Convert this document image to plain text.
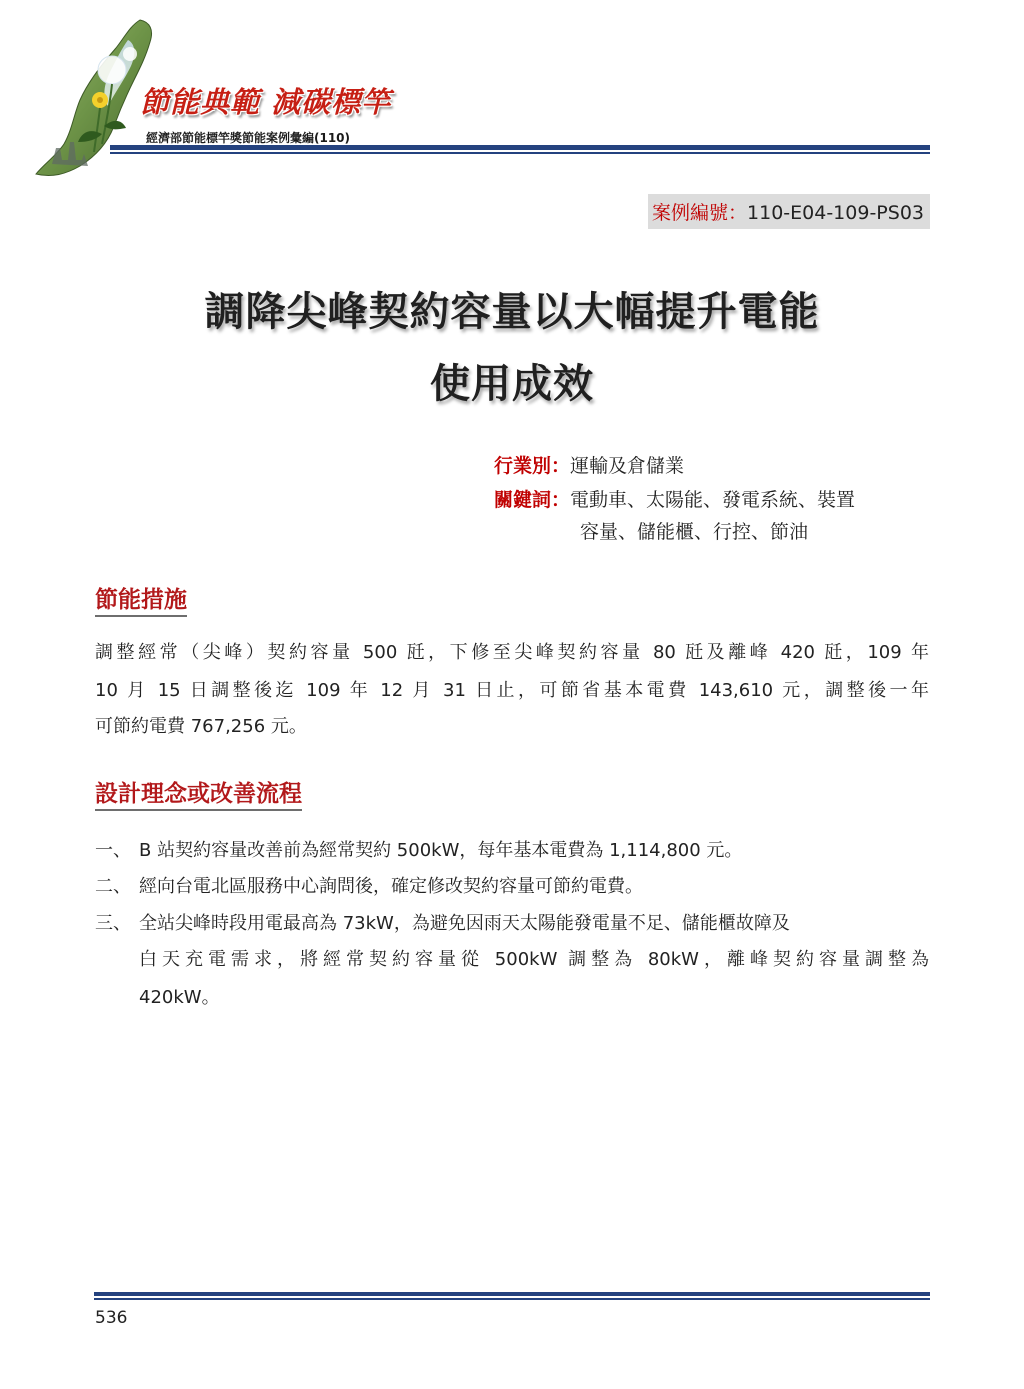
節能典範 減碳標竿
經濟部節能標竿獎節能案例彙編(110)
案例編號：110-E04-109-PS03
調降尖峰契約容量以大幅提升電能
使用成效
行業別：運輸及倉儲業
關鍵詞：電動車、太陽能、發電系統、裝置
容量、儲能櫃、行控、節油
節能措施
調整經常（尖峰）契約容量 500 瓩，下修至尖峰契約容量 80 瓩及離峰 420 瓩，109 年
10 月 15 日調整後迄 109 年 12 月 31 日止，可節省基本電費 143,610 元，調整後一年
可節約電費 767,256 元。
設計理念或改善流程
一、 B 站契約容量改善前為經常契約 500kW，每年基本電費為 1,114,800 元。
二、 經向台電北區服務中心詢問後，確定修改契約容量可節約電費。
三、 全站尖峰時段用電最高為 73kW，為避免因雨天太陽能發電量不足、儲能櫃故障及
白天充電需求，將經常契約容量從 500kW 調整為 80kW，離峰契約容量調整為
420kW。
536
